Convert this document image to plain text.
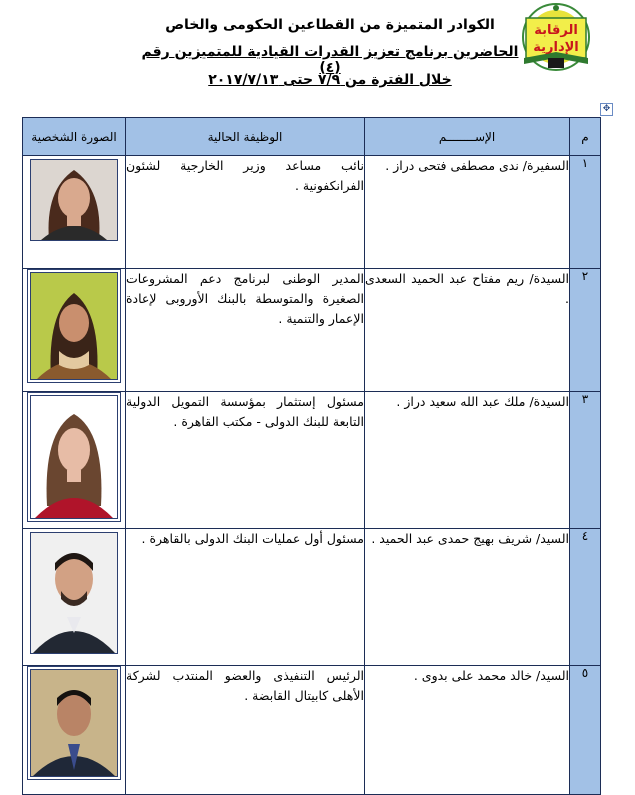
الرقابة
الإدارية
الكوادر المتميزة من القطاعين الحكومى والخاص
الحاضرين برنامج تعزيز القدرات القيادية للمتميزين رقم (٤)
خلال الفترة من ٧/٩ حتى ٢٠١٧/٧/١٣
✥
م	الإســــــــم	الوظيفة الحالية	الصورة الشخصية
١	السفيرة/ ندى مصطفى فتحى دراز .	نائب مساعد وزير الخارجية لشئون الفرانكفونية .	

٢	السيدة/ ريم مفتاح عبد الحميد السعدى .	المدير الوطنى لبرنامج دعم المشروعات الصغيرة والمتوسطة بالبنك الأوروبى لإعادة الإعمار والتنمية .	

٣	السيدة/ ملك عبد الله سعيد دراز .	مسئول إستثمار بمؤسسة التمويل الدولية التابعة للبنك الدولى - مكتب القاهرة .	

٤	السيد/ شريف بهيج حمدى عبد الحميد .	مسئول أول عمليات البنك الدولى بالقاهرة .	

٥	السيد/ خالد محمد على بدوى .	الرئيس التنفيذى والعضو المنتدب لشركة الأهلى كابيتال القابضة .	
